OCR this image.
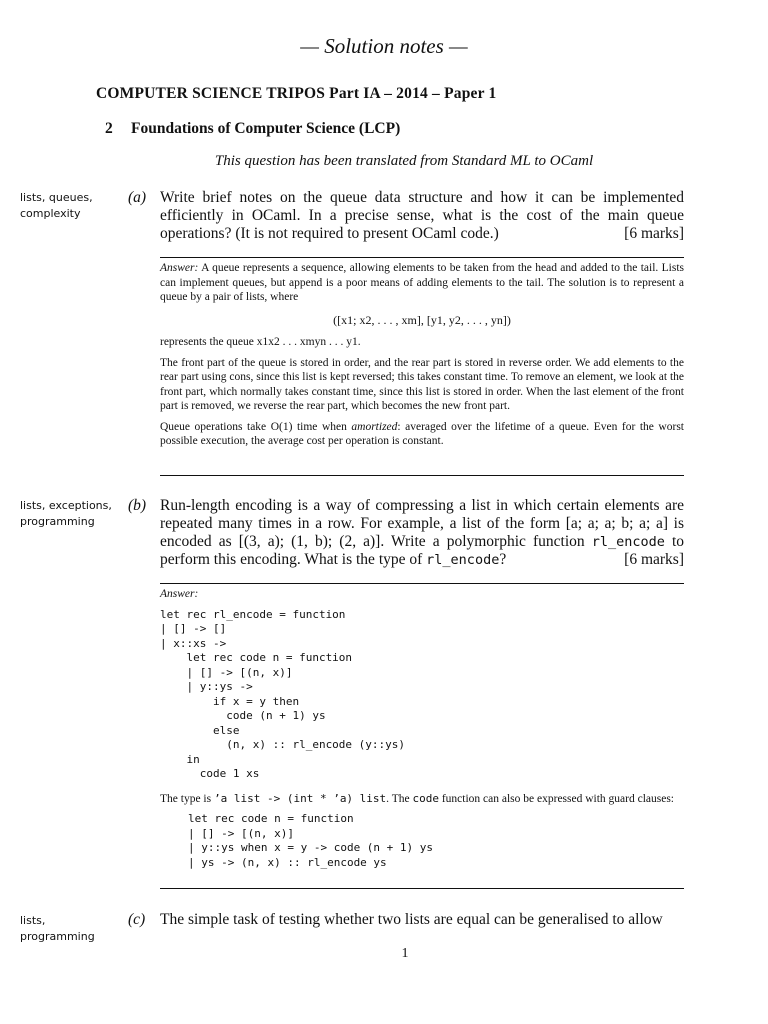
— Solution notes —
COMPUTER SCIENCE TRIPOS Part IA – 2014 – Paper 1
2 Foundations of Computer Science (LCP)
This question has been translated from Standard ML to OCaml
lists, queues, complexity
(a) Write brief notes on the queue data structure and how it can be implemented efficiently in OCaml. In a precise sense, what is the cost of the main queue operations? (It is not required to present OCaml code.)	[6 marks]

Answer: A queue represents a sequence, allowing elements to be taken from the head and added to the tail. Lists can implement queues, but append is a poor means of adding elements to the tail. The solution is to represent a queue by a pair of lists, where

([x1; x2, . . . , xm], [y1, y2, . . . , yn])

represents the queue x1x2 . . . xmyn . . . y1.

The front part of the queue is stored in order, and the rear part is stored in reverse order. We add elements to the rear part using cons, since this list is kept reversed; this takes constant time. To remove an element, we look at the front part, which normally takes constant time, since this list is stored in order. When the last element of the front part is removed, we reverse the rear part, which becomes the new front part.

Queue operations take O(1) time when amortized: averaged over the lifetime of a queue. Even for the worst possible execution, the average cost per operation is constant.

lists, exceptions, programming
(b) Run-length encoding is a way of compressing a list in which certain elements are repeated many times in a row. For example, a list of the form [a; a; a; b; a; a] is encoded as [(3, a); (1, b); (2, a)]. Write a polymorphic function rl_encode to perform this encoding. What is the type of rl_encode?	[6 marks]

Answer:

let rec rl_encode = function
| [] -> []
| x::xs ->
let rec code n = function
| [] -> [(n, x)]
| y::ys ->
if x = y then
code (n + 1) ys
else
(n, x) :: rl_encode (y::ys)
in
code 1 xs

The type is ’a list -> (int * ’a) list. The code function can also be expressed with guard clauses:

let rec code n = function
| [] -> [(n, x)]
| y::ys when x = y -> code (n + 1) ys
| ys -> (n, x) :: rl_encode ys
lists, programming
(c) The simple task of testing whether two lists are equal can be generalised to allow
1
